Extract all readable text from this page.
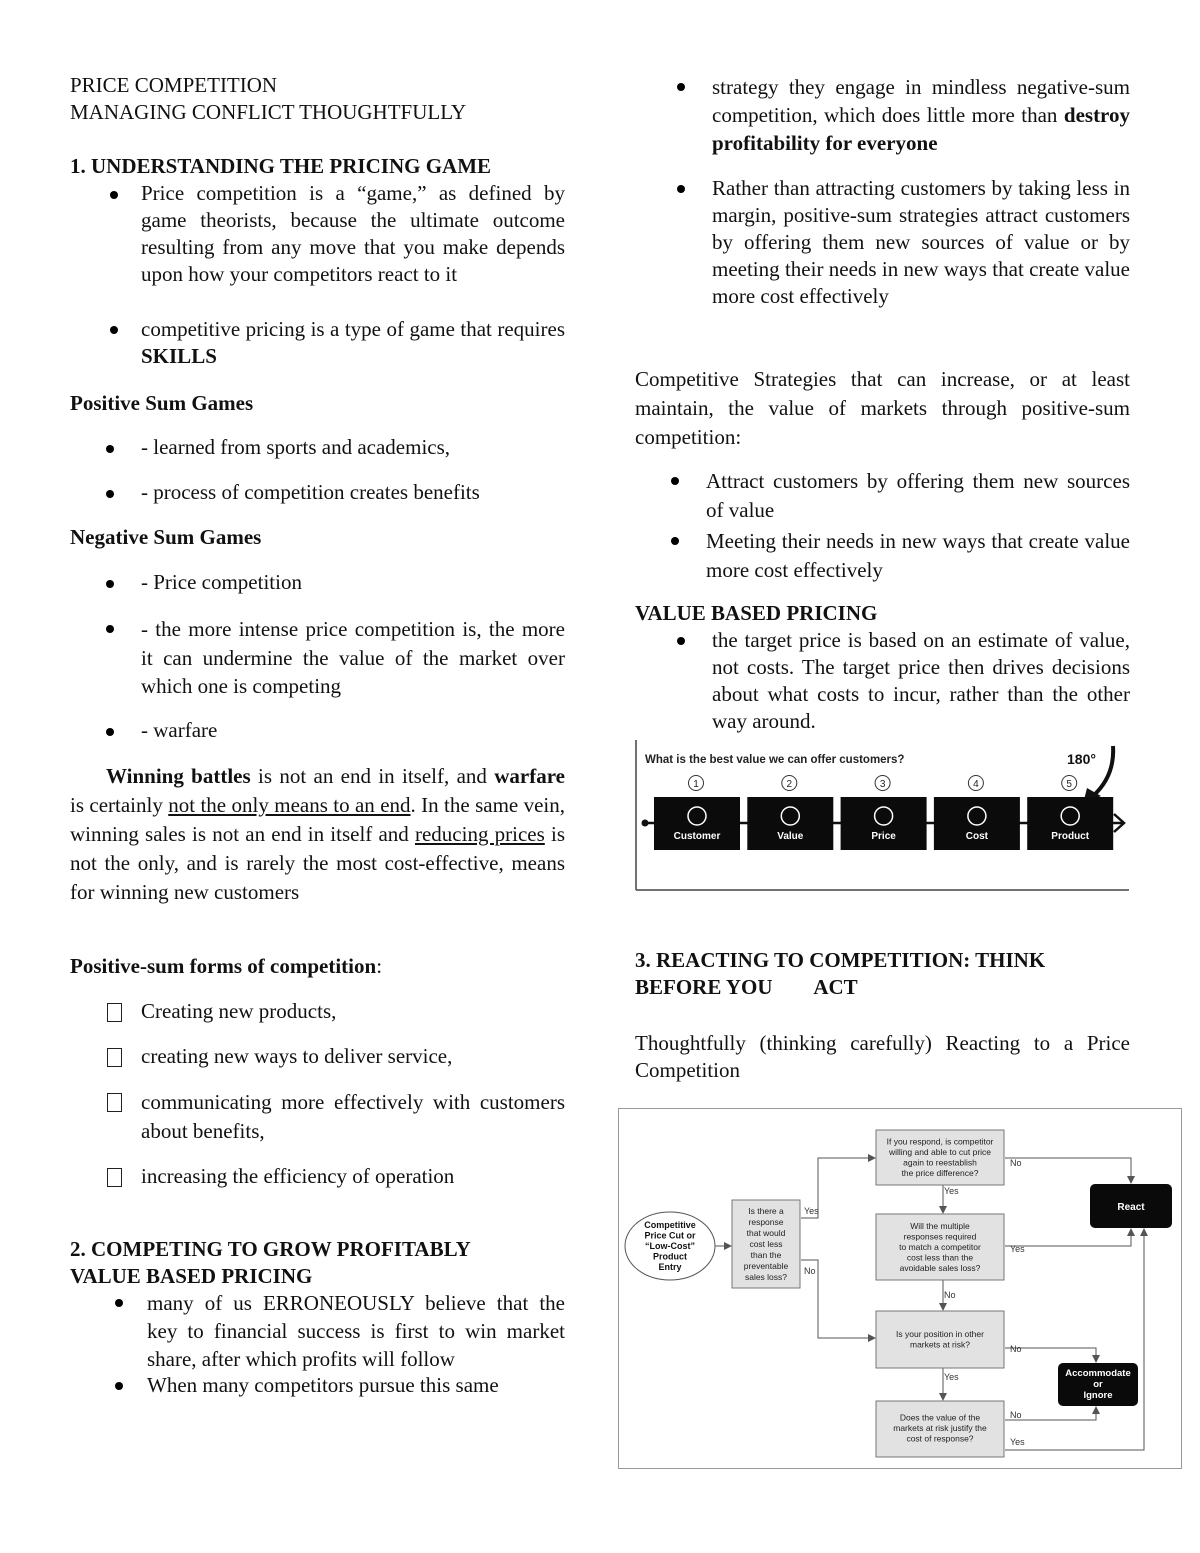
PRICE COMPETITION
MANAGING CONFLICT THOUGHTFULLY
1. UNDERSTANDING THE PRICING GAME
Price competition is a “game,” as defined by game theorists, because the ultimate outcome resulting from any move that you make depends upon how your competitors react to it
competitive pricing is a type of game that requires SKILLS
Positive Sum Games
- learned from sports and academics,
- process of competition creates benefits
Negative Sum Games
- Price competition
- the more intense price competition is, the more it can undermine the value of the market over which one is competing
- warfare
Winning battles is not an end in itself, and warfare is certainly not the only means to an end. In the same vein, winning sales is not an end in itself and reducing prices is not the only, and is rarely the most cost-effective, means for winning new customers
Positive-sum forms of competition:
Creating new products,
creating new ways to deliver service,
communicating more effectively with customers about benefits,
increasing the efficiency of operation
2. COMPETING TO GROW PROFITABLY
VALUE BASED PRICING
many of us ERRONEOUSLY believe that the key to financial success is first to win market share, after which profits will follow
When many competitors pursue this same
strategy they engage in mindless negative-sum competition, which does little more than destroy profitability for everyone
Rather than attracting customers by taking less in margin, positive-sum strategies attract customers by offering them new sources of value or by meeting their needs in new ways that create value more cost effectively
Competitive Strategies that can increase, or at least maintain, the value of markets through positive-sum competition:
Attract customers by offering them new sources of value
Meeting their needs in new ways that create value more cost effectively
VALUE BASED PRICING
the target price is based on an estimate of value, not costs. The target price then drives decisions about what costs to incur, rather than the other way around.
3. REACTING TO COMPETITION: THINK
BEFORE YOU        ACT
Thoughtfully (thinking carefully) Reacting to a Price Competition
What is the best value we can offer customers?	180°
1
Customer
2
Value
3
Price
4
Cost
5
Product
Competitive Price Cut or “Low-Cost” Product Entry
Is there a response that would cost less than the preventable sales loss?
If you respond, is competitor willing and able to cut price again to reestablish the price difference?
Will the multiple responses required to match a competitor cost less than the avoidable sales loss?
Is your position in other markets at risk?
Does the value of the markets at risk justify the cost of response?
React
Accommodate or Ignore
Yes
No
No
Yes
Yes
No
No
Yes
No
Yes
